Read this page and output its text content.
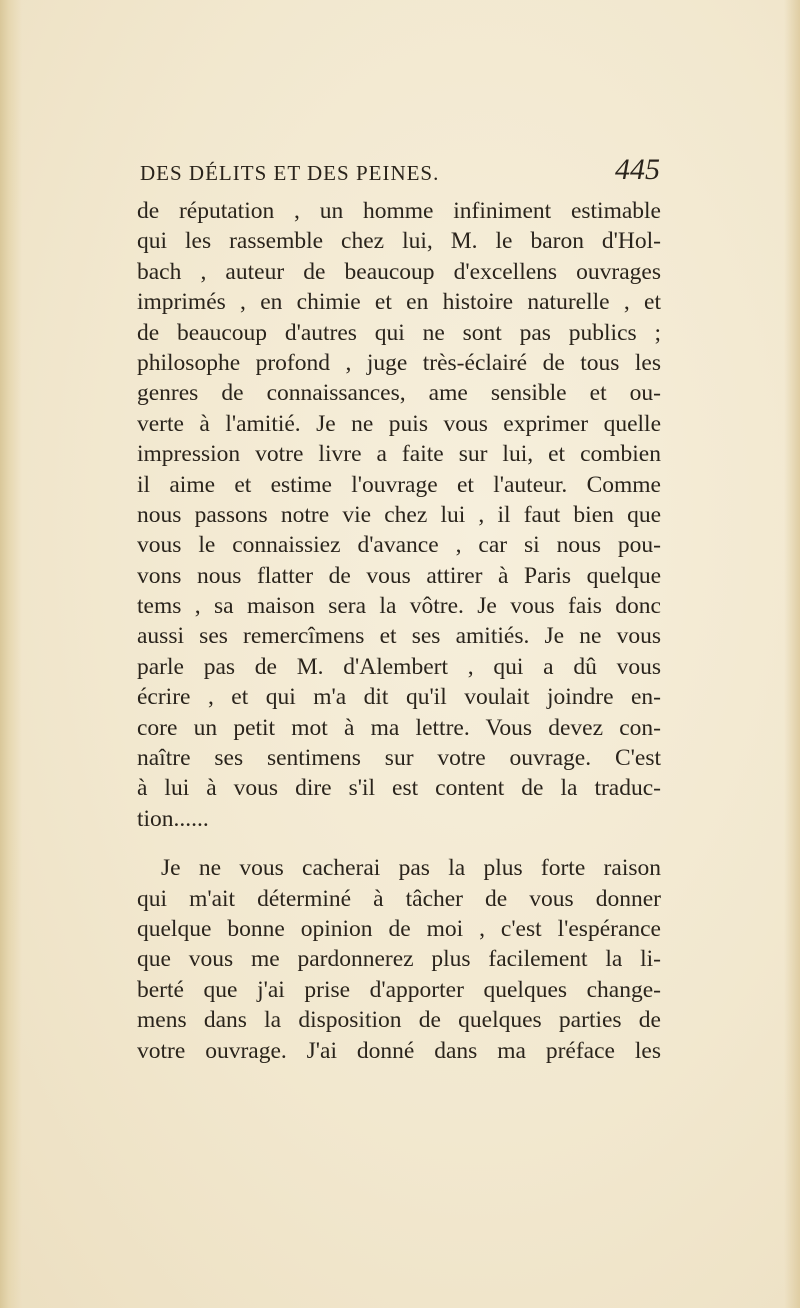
DES DÉLITS ET DES PEINES.	445
de réputation , un homme infiniment estimable
qui les rassemble chez lui, M. le baron d'Hol-
bach , auteur de beaucoup d'excellens ouvrages
imprimés , en chimie et en histoire naturelle , et
de beaucoup d'autres qui ne sont pas publics ;
philosophe profond , juge très-éclairé de tous les
genres de connaissances, ame sensible et ou-
verte à l'amitié. Je ne puis vous exprimer quelle
impression votre livre a faite sur lui, et combien
il aime et estime l'ouvrage et l'auteur. Comme
nous passons notre vie chez lui , il faut bien que
vous le connaissiez d'avance , car si nous pou-
vons nous flatter de vous attirer à Paris quelque
tems , sa maison sera la vôtre. Je vous fais donc
aussi ses remercîmens et ses amitiés. Je ne vous
parle pas de M. d'Alembert , qui a dû vous
écrire , et qui m'a dit qu'il voulait joindre en-
core un petit mot à ma lettre. Vous devez con-
naître ses sentimens sur votre ouvrage. C'est
à lui à vous dire s'il est content de la traduc-
tion......
Je ne vous cacherai pas la plus forte raison
qui m'ait déterminé à tâcher de vous donner
quelque bonne opinion de moi , c'est l'espérance
que vous me pardonnerez plus facilement la li-
berté que j'ai prise d'apporter quelques change-
mens dans la disposition de quelques parties de
votre ouvrage. J'ai donné dans ma préface les
